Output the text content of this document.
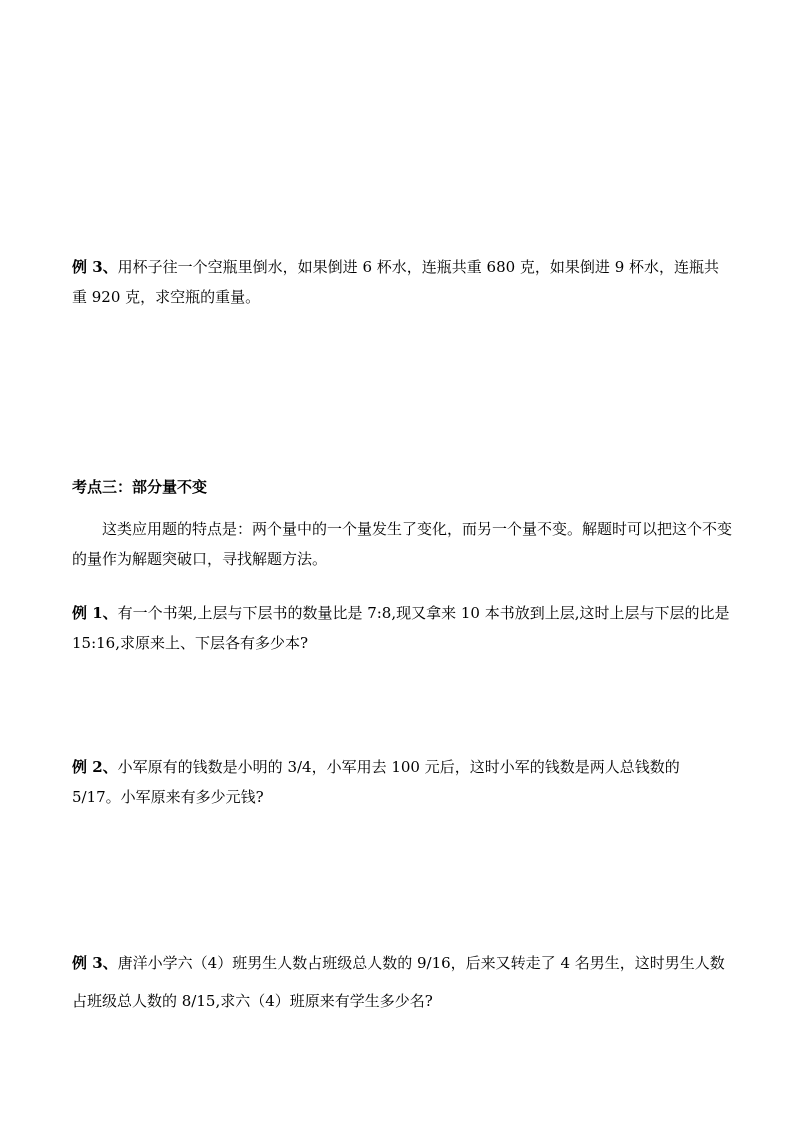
例 3、用杯子往一个空瓶里倒水，如果倒进 6 杯水，连瓶共重 680 克，如果倒进 9 杯水，连瓶共重 920 克，求空瓶的重量。

考点三：部分量不变

这类应用题的特点是：两个量中的一个量发生了变化，而另一个量不变。解题时可以把这个不变的量作为解题突破口，寻找解题方法。

例 1、有一个书架,上层与下层书的数量比是 7:8,现又拿来 10 本书放到上层,这时上层与下层的比是 15:16,求原来上、下层各有多少本?

例 2、小军原有的钱数是小明的 3/4，小军用去 100 元后，这时小军的钱数是两人总钱数的 5/17。小军原来有多少元钱?

例 3、唐洋小学六（4）班男生人数占班级总人数的 9/16，后来又转走了 4 名男生，这时男生人数占班级总人数的 8/15,求六（4）班原来有学生多少名?
